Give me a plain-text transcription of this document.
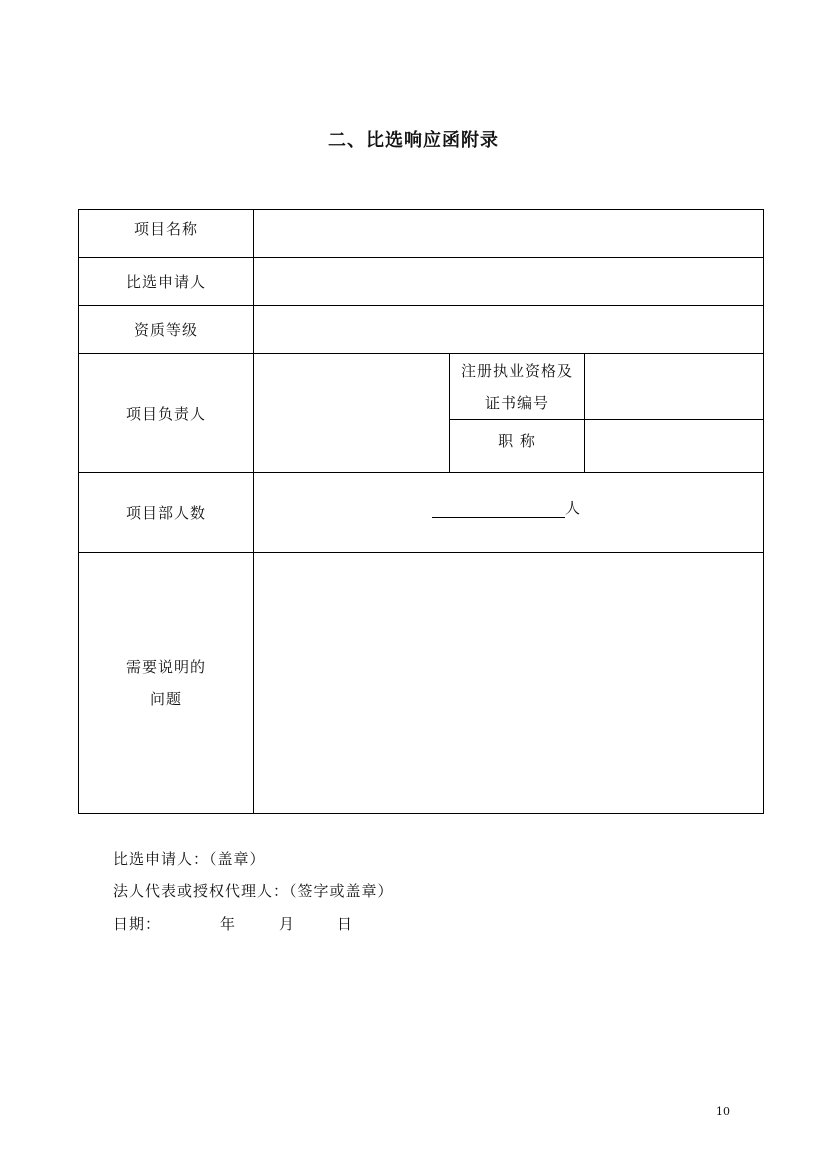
二、比选响应函附录
项目名称			
比选申请人			
资质等级			
项目负责人		注册执业资格及
证书编号	

		职 称	
项目部人数	人		

需要说明的
问题			

比选申请人：（盖章）
法人代表或授权代理人：（签字或盖章）
日期：	年	月	日
10
